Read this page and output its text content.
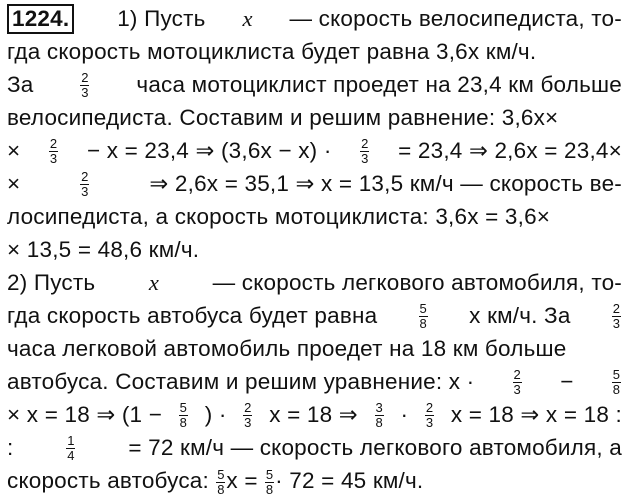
1224. 1) Пусть x — скорость велосипедиста, то-
гда скорость мотоциклиста будет равна 3,6x км/ч.
За	$\frac{2}{3}$ часа мотоциклист проедет на 23,4 км больше
велосипедиста. Составим и решим равнение: 3,6x×
× $\frac{2}{3} - x = 23,4$ ⇒ $(3,6x - x) \cdot \frac{2}{3} = 23,4$ ⇒ 2,6x = 23,4×
×	$\frac{2}{3}$	⇒ 2,6x = 35,1 ⇒ x = 13,5 км/ч — скорость ве-
лосипедиста, а скорость мотоциклиста: 3,6x = 3,6×
× 13,5 = 48,6 км/ч.
2) Пусть x — скорость легкового автомобиля, то-
гда скорость автобуса будет равна	$\frac{5}{8}$ x км/ч. За	$\frac{2}{3}$
часа легковой автомобиль проедет на 18 км больше
автобуса. Составим и решим уравнение: x ·	$\frac{2}{3}$ −	$\frac{5}{8}$
× x = 18 ⇒ ($1 - \frac{5}{8}$ ) · $\frac{2}{3}$ x = 18 ⇒ $\frac{3}{8} \cdot \frac{2}{3}$ x = 18 ⇒ x = 18 :
:	$\frac{1}{4} = 72$ км/ч — скорость легкового автомобиля, а
скорость автобуса: $\frac{5}{8}$ $x = \frac{5}{8} \cdot 72 = 45$ км/ч.
